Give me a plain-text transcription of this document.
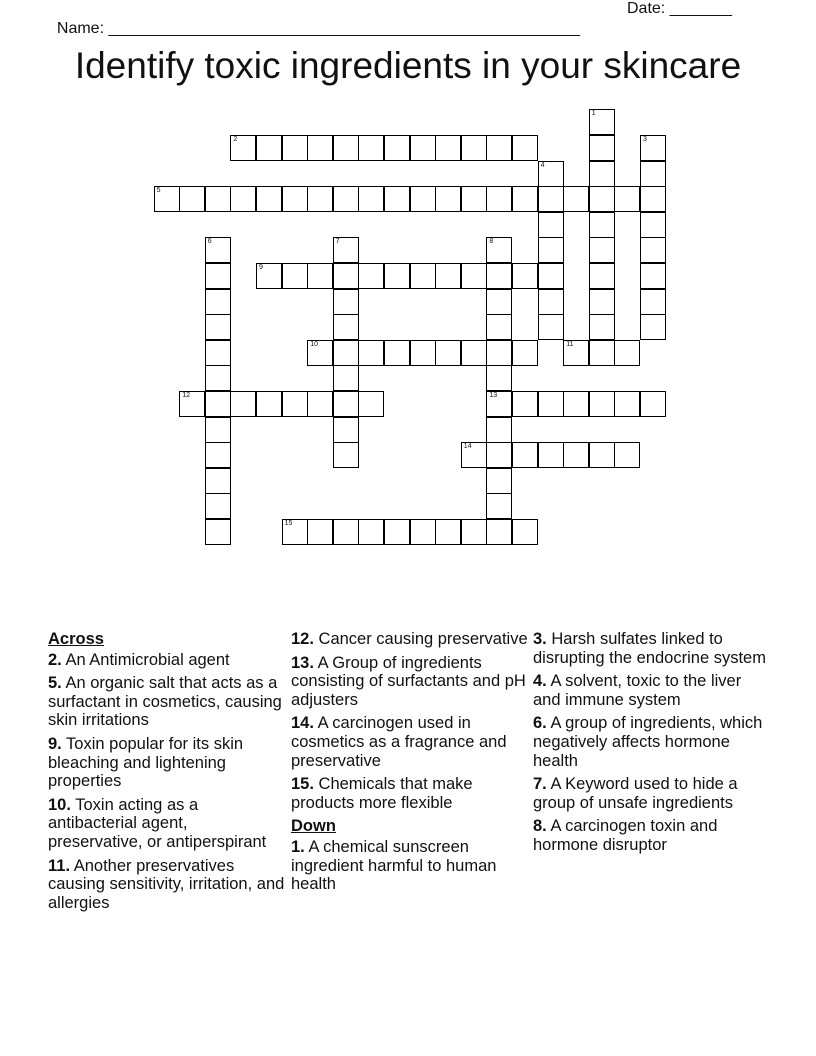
Name: _____________________________________________________

Date: _______

Identify toxic ingredients in your skincare
1
2	3
4
5
6	7	8
9
10	11
12	13
14
15
Across
2. An Antimicrobial agent
5. An organic salt that acts as a surfactant in cosmetics, causing skin irritations
9. Toxin popular for its skin bleaching and lightening properties
10. Toxin acting as a antibacterial agent, preservative, or antiperspirant
11. Another preservatives causing sensitivity, irritation, and allergies
12. Cancer causing preservative
13. A Group of ingredients consisting of surfactants and pH adjusters
14. A carcinogen used in cosmetics as a fragrance and preservative
15. Chemicals that make products more flexible
Down
1. A chemical sunscreen ingredient harmful to human health
3. Harsh sulfates linked to disrupting the endocrine system
4. A solvent, toxic to the liver and immune system
6. A group of ingredients, which negatively affects hormone health
7. A Keyword used to hide a group of unsafe ingredients
8. A carcinogen toxin and hormone disruptor
